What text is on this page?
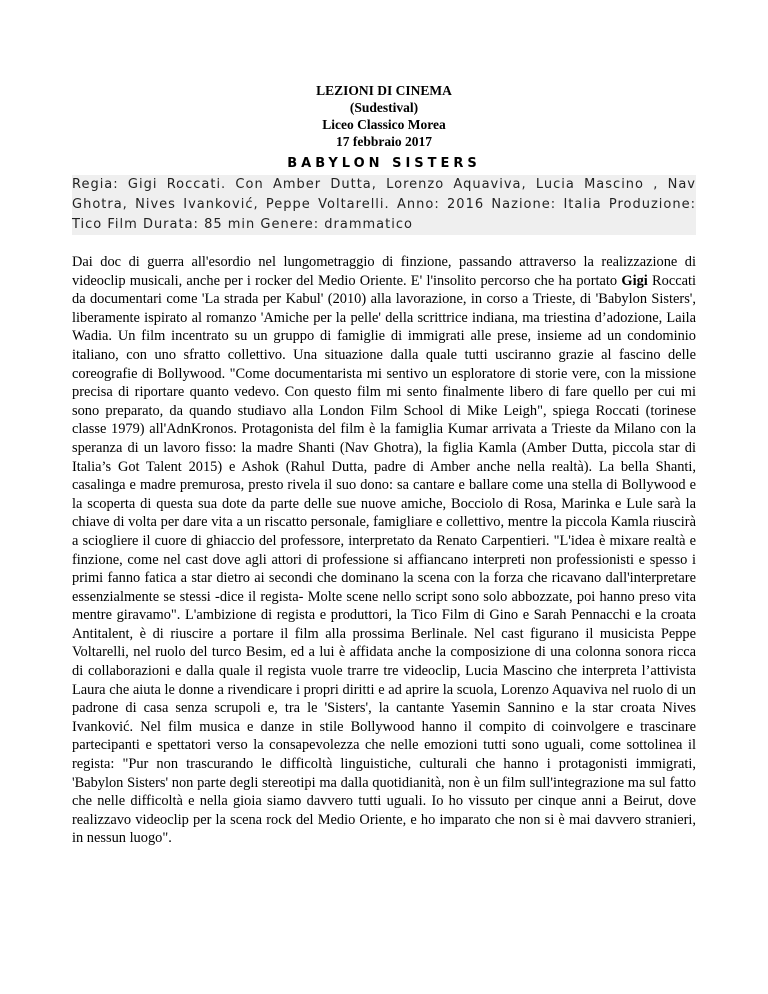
LEZIONI DI CINEMA
(Sudestival)
Liceo Classico Morea
17 febbraio 2017
BABYLON SISTERS
Regia: Gigi Roccati. Con Amber Dutta, Lorenzo Aquaviva, Lucia Mascino , Nav Ghotra, Nives Ivanković, Peppe Voltarelli. Anno: 2016 Nazione: Italia Produzione: Tico Film Durata: 85 min Genere: drammatico
Dai doc di guerra all'esordio nel lungometraggio di finzione, passando attraverso la realizzazione di videoclip musicali, anche per i rocker del Medio Oriente. E' l'insolito percorso che ha portato Gigi Roccati da documentari come 'La strada per Kabul' (2010) alla lavorazione, in corso a Trieste, di 'Babylon Sisters', liberamente ispirato al romanzo 'Amiche per la pelle' della scrittrice indiana, ma triestina d’adozione, Laila Wadia. Un film incentrato su un gruppo di famiglie di immigrati alle prese, insieme ad un condominio italiano, con uno sfratto collettivo. Una situazione dalla quale tutti usciranno grazie al fascino delle coreografie di Bollywood. "Come documentarista mi sentivo un esploratore di storie vere, con la missione precisa di riportare quanto vedevo. Con questo film mi sento finalmente libero di fare quello per cui mi sono preparato, da quando studiavo alla London Film School di Mike Leigh", spiega Roccati (torinese classe 1979) all'AdnKronos. Protagonista del film è la famiglia Kumar arrivata a Trieste da Milano con la speranza di un lavoro fisso: la madre Shanti (Nav Ghotra), la figlia Kamla (Amber Dutta, piccola star di Italia’s Got Talent 2015) e Ashok (Rahul Dutta, padre di Amber anche nella realtà). La bella Shanti, casalinga e madre premurosa, presto rivela il suo dono: sa cantare e ballare come una stella di Bollywood e la scoperta di questa sua dote da parte delle sue nuove amiche, Bocciolo di Rosa, Marinka e Lule sarà la chiave di volta per dare vita a un riscatto personale, famigliare e collettivo, mentre la piccola Kamla riuscirà a sciogliere il cuore di ghiaccio del professore, interpretato da Renato Carpentieri. "L'idea è mixare realtà e finzione, come nel cast dove agli attori di professione si affiancano interpreti non professionisti e spesso i primi fanno fatica a star dietro ai secondi che dominano la scena con la forza che ricavano dall'interpretare essenzialmente se stessi -dice il regista- Molte scene nello script sono solo abbozzate, poi hanno preso vita mentre giravamo". L'ambizione di regista e produttori, la Tico Film di Gino e Sarah Pennacchi e la croata Antitalent, è di riuscire a portare il film alla prossima Berlinale. Nel cast figurano il musicista Peppe Voltarelli, nel ruolo del turco Besim, ed a lui è affidata anche la composizione di una colonna sonora ricca di collaborazioni e dalla quale il regista vuole trarre tre videoclip, Lucia Mascino che interpreta l’attivista Laura che aiuta le donne a rivendicare i propri diritti e ad aprire la scuola, Lorenzo Aquaviva nel ruolo di un padrone di casa senza scrupoli e, tra le 'Sisters', la cantante Yasemin Sannino e la star croata Nives Ivanković. Nel film musica e danze in stile Bollywood hanno il compito di coinvolgere e trascinare partecipanti e spettatori verso la consapevolezza che nelle emozioni tutti sono uguali, come sottolinea il regista: "Pur non trascurando le difficoltà linguistiche, culturali che hanno i protagonisti immigrati, 'Babylon Sisters' non parte degli stereotipi ma dalla quotidianità, non è un film sull'integrazione ma sul fatto che nelle difficoltà e nella gioia siamo davvero tutti uguali. Io ho vissuto per cinque anni a Beirut, dove realizzavo videoclip per la scena rock del Medio Oriente, e ho imparato che non si è mai davvero stranieri, in nessun luogo".
